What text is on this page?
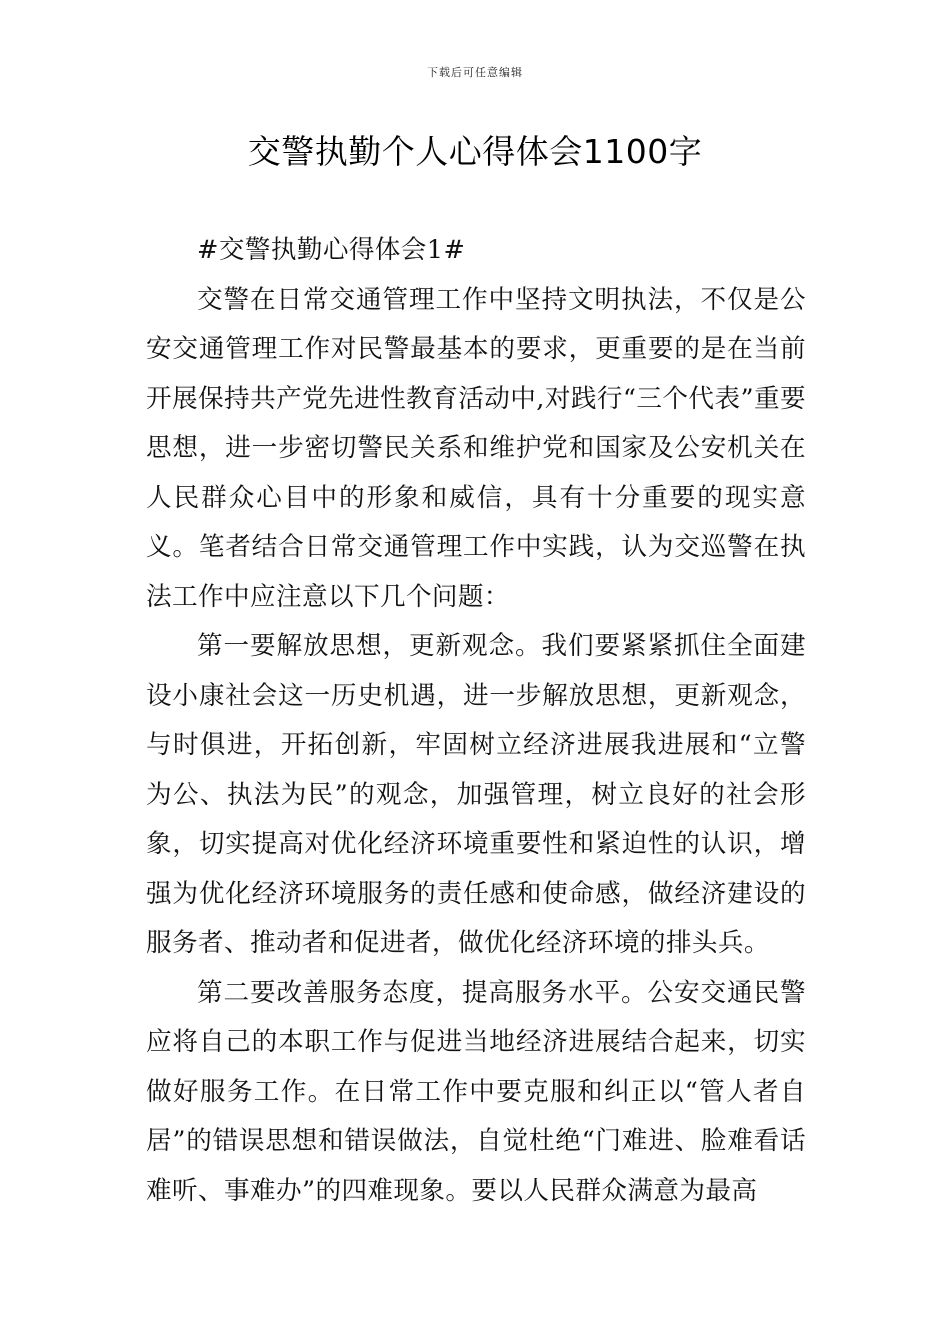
下载后可任意编辑
交警执勤个人心得体会1100字

#交警执勤心得体会1#

交警在日常交通管理工作中坚持文明执法，不仅是公安交通管理工作对民警最基本的要求，更重要的是在当前开展保持共产党先进性教育活动中,对践行“三个代表”重要思想，进一步密切警民关系和维护党和国家及公安机关在人民群众心目中的形象和威信，具有十分重要的现实意义。笔者结合日常交通管理工作中实践，认为交巡警在执法工作中应注意以下几个问题：

第一要解放思想，更新观念。我们要紧紧抓住全面建设小康社会这一历史机遇，进一步解放思想，更新观念，与时俱进，开拓创新，牢固树立经济进展我进展和“立警为公、执法为民”的观念，加强管理，树立良好的社会形象，切实提高对优化经济环境重要性和紧迫性的认识，增强为优化经济环境服务的责任感和使命感，做经济建设的服务者、推动者和促进者，做优化经济环境的排头兵。

第二要改善服务态度，提高服务水平。公安交通民警应将自己的本职工作与促进当地经济进展结合起来，切实做好服务工作。在日常工作中要克服和纠正以“管人者自居”的错误思想和错误做法，自觉杜绝“门难进、脸难看话难听、事难办”的四难现象。要以人民群众满意为最高
